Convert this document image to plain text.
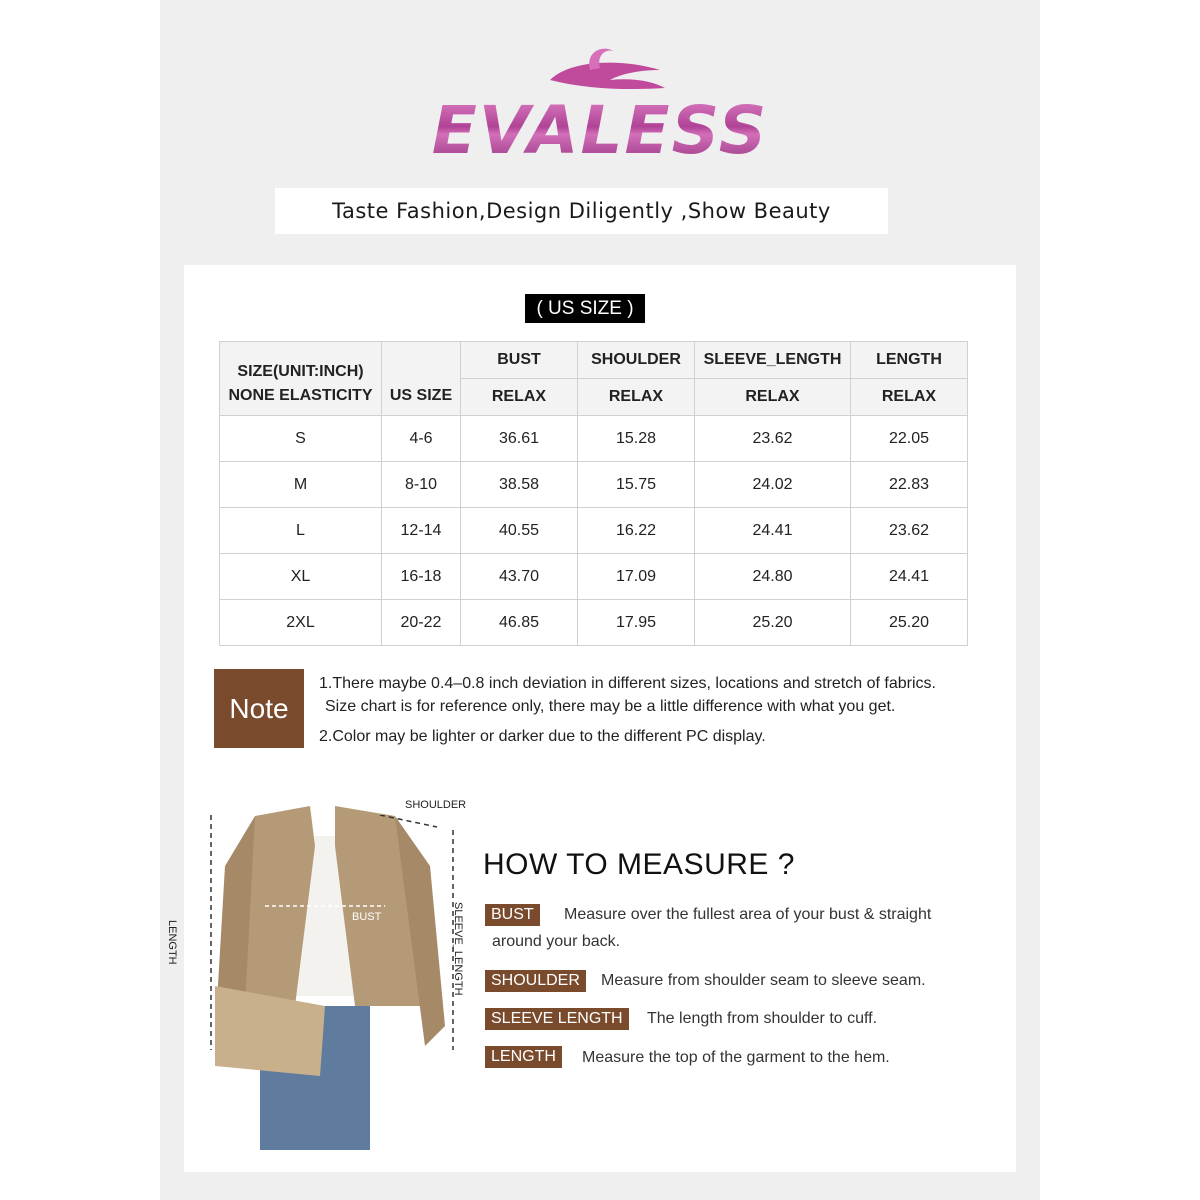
EVALESS
Taste Fashion,Design Diligently ,Show Beauty
( US SIZE )
SIZE(UNIT:INCH)
NONE ELASTICITY	US SIZE	BUST	SHOULDER	SLEEVE_LENGTH	LENGTH
		RELAX	RELAX	RELAX	RELAX
S	4-6	36.61	15.28	23.62	22.05
M	8-10	38.58	15.75	24.02	22.83
L	12-14	40.55	16.22	24.41	23.62
XL	16-18	43.70	17.09	24.80	24.41
2XL	20-22	46.85	17.95	25.20	25.20
Note
1.There maybe 0.4–0.8 inch deviation in different sizes, locations and stretch of fabrics.
Size chart is for reference only, there may be a little difference with what you get.
2.Color may be lighter or darker due to the different PC display.
SHOULDER
BUST
LENGTH	SLEEVE_LENGTH
HOW TO MEASURE ?
BUST	Measure over the fullest area of your bust & straight
around your back.
SHOULDER	Measure from shoulder seam to sleeve seam.
SLEEVE LENGTH	The length from shoulder to cuff.
LENGTH	Measure the top of the garment to the hem.
